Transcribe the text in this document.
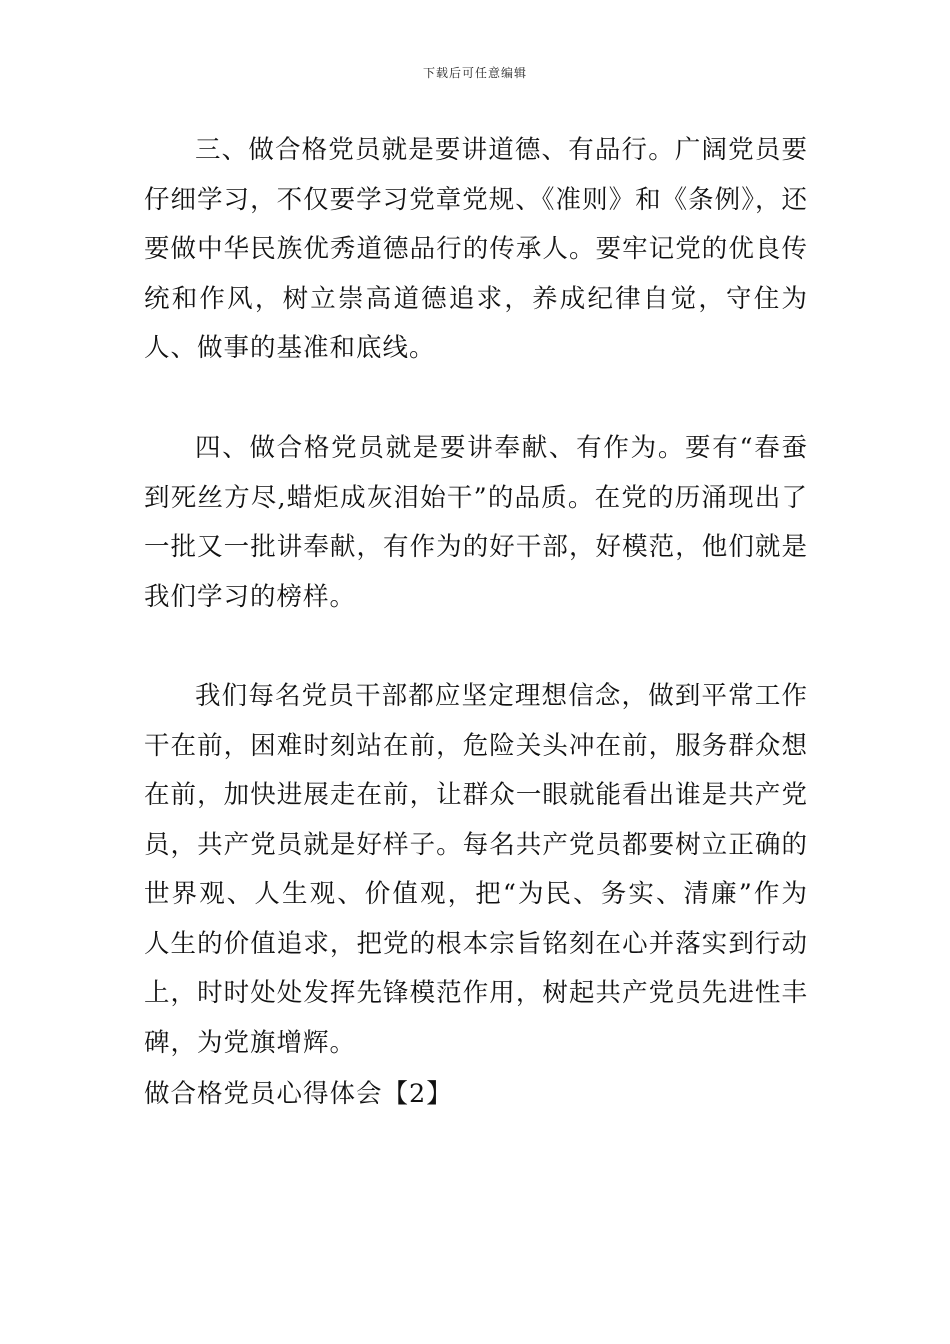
下载后可任意编辑

三、做合格党员就是要讲道德、有品行。广阔党员要仔细学习，不仅要学习党章党规、《准则》和《条例》，还要做中华民族优秀道德品行的传承人。要牢记党的优良传统和作风，树立崇高道德追求，养成纪律自觉，守住为人、做事的基准和底线。

四、做合格党员就是要讲奉献、有作为。要有“春蚕到死丝方尽,蜡炬成灰泪始干”的品质。在党的历涌现出了一批又一批讲奉献，有作为的好干部，好模范，他们就是我们学习的榜样。

我们每名党员干部都应坚定理想信念，做到平常工作干在前，困难时刻站在前，危险关头冲在前，服务群众想在前，加快进展走在前，让群众一眼就能看出谁是共产党员，共产党员就是好样子。每名共产党员都要树立正确的世界观、人生观、价值观，把“为民、务实、清廉”作为人生的价值追求，把党的根本宗旨铭刻在心并落实到行动上，时时处处发挥先锋模范作用，树起共产党员先进性丰碑，为党旗增辉。

做合格党员心得体会【2】
